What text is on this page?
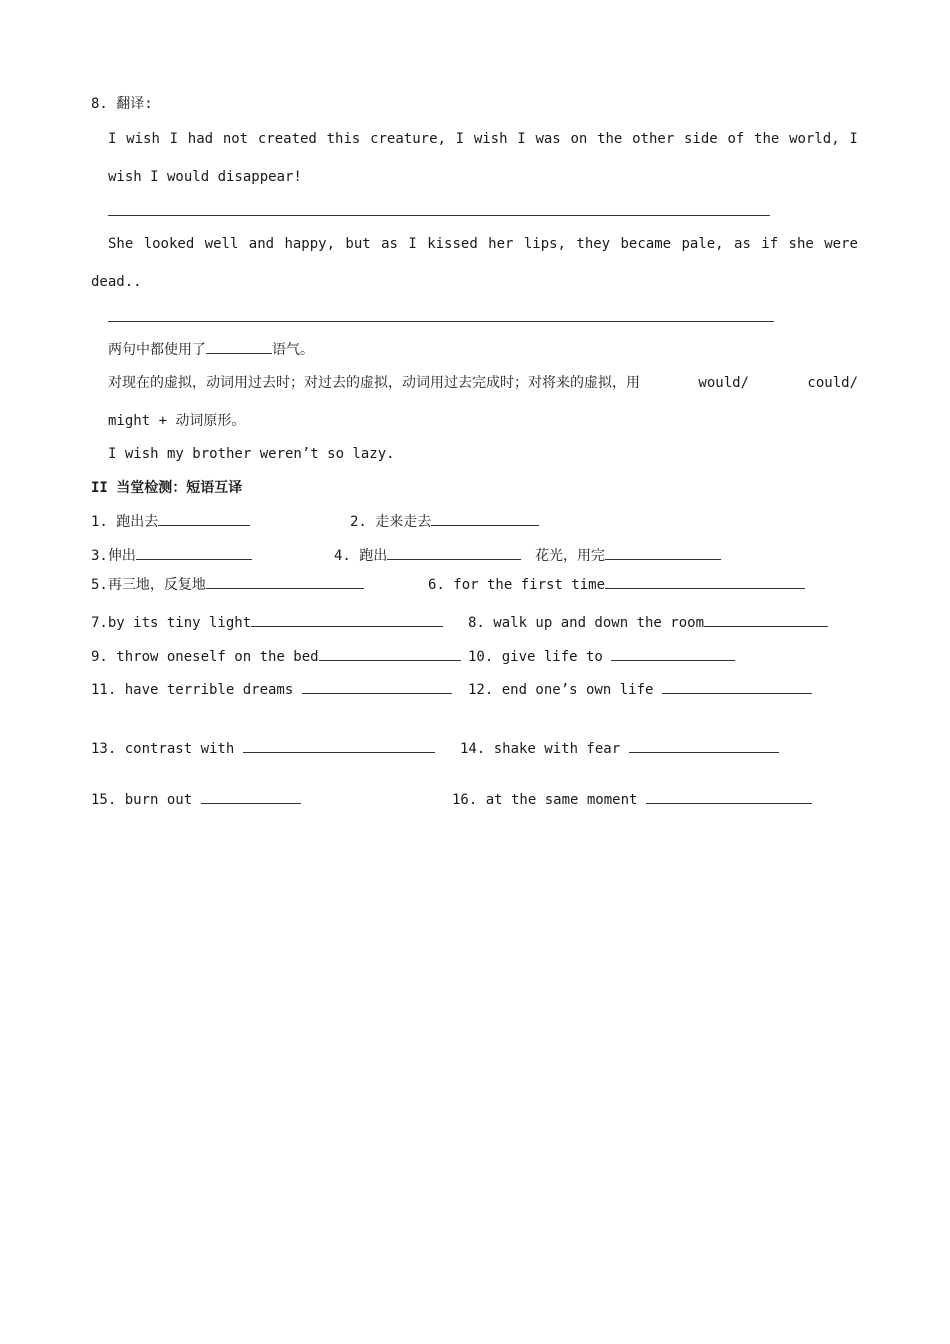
8. 翻译:
I wish I had not created this creature, I wish I was on the other side of the world, I
wish I would disappear!
She looked well and happy, but as I kissed her lips, they became pale, as if she were
dead..
两句中都使用了	语气。
对现在的虚拟，动词用过去时；对过去的虚拟，动词用过去完成时；对将来的虚拟，用	would/	could/
might + 动词原形。
I wish my brother weren’t so lazy.
II 当堂检测：短语互译
1. 跑出去	2. 走来走去
3.伸出	4. 跑出	花光，用完
5.再三地，反复地	6. for the first time
7.by its tiny light	8. walk up and down the room
9. throw oneself on the bed	10. give life to
11. have terrible dreams	12. end one’s own life
13. contrast with	14. shake with fear
15. burn out	16. at the same moment
